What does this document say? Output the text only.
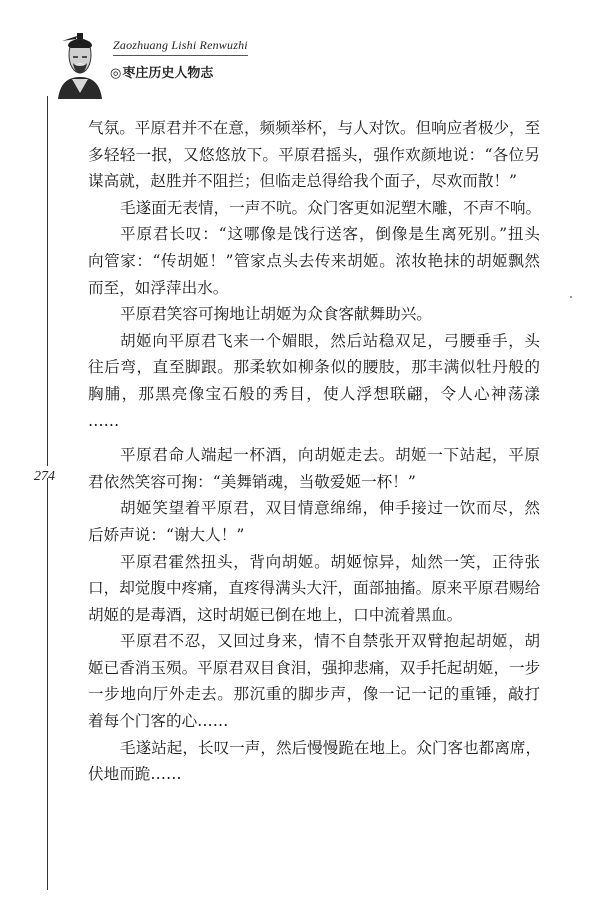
Zaozhuang Lishi Renwuzhi
◎枣庄历史人物志
274
气氛。平原君并不在意，频频举杯，与人对饮。但响应者极少，至
多轻轻一抿，又悠悠放下。平原君摇头，强作欢颜地说：“各位另
谋高就，赵胜并不阻拦；但临走总得给我个面子，尽欢而散！”
毛遂面无表情，一声不吭。众门客更如泥塑木雕，不声不响。
平原君长叹：“这哪像是饯行送客，倒像是生离死别。”扭头
向管家：“传胡姬！”管家点头去传来胡姬。浓妆艳抹的胡姬飘然
而至，如浮萍出水。
平原君笑容可掬地让胡姬为众食客献舞助兴。
胡姬向平原君飞来一个媚眼，然后站稳双足，弓腰垂手，头
往后弯，直至脚跟。那柔软如柳条似的腰肢，那丰满似牡丹般的
胸脯，那黑亮像宝石般的秀目，使人浮想联翩，令人心神荡漾
……
平原君命人端起一杯酒，向胡姬走去。胡姬一下站起，平原
君依然笑容可掬：“美舞销魂，当敬爱姬一杯！”
胡姬笑望着平原君，双目情意绵绵，伸手接过一饮而尽，然
后娇声说：“谢大人！”
平原君霍然扭头，背向胡姬。胡姬惊异，灿然一笑，正待张
口，却觉腹中疼痛，直疼得满头大汗，面部抽搐。原来平原君赐给
胡姬的是毒酒，这时胡姬已倒在地上，口中流着黑血。
平原君不忍，又回过身来，情不自禁张开双臂抱起胡姬，胡
姬已香消玉殒。平原君双目食泪，强抑悲痛，双手托起胡姬，一步
一步地向厅外走去。那沉重的脚步声，像一记一记的重锤，敲打
着每个门客的心……
毛遂站起，长叹一声，然后慢慢跪在地上。众门客也都离席，
伏地而跪……
